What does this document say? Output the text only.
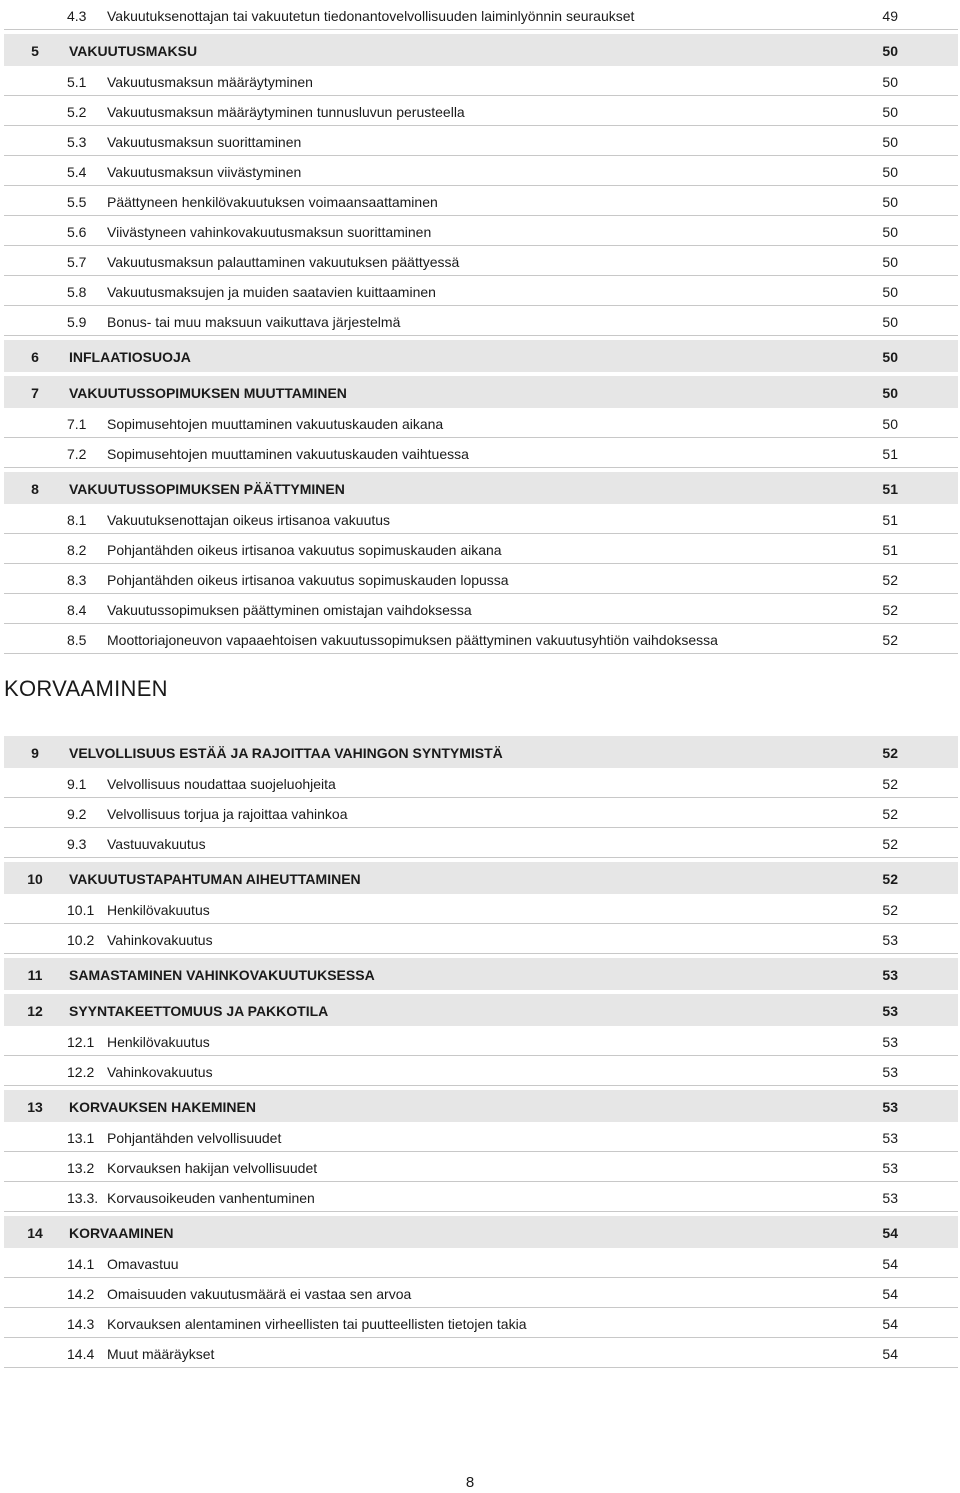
4.3 Vakuutuksenottajan tai vakuutetun tiedonantovelvollisuuden laiminlyönnin seuraukset	49
5	VAKUUTUSMAKSU	50
5.1 Vakuutusmaksun määräytyminen	50
5.2 Vakuutusmaksun määräytyminen tunnusluvun perusteella	50
5.3 Vakuutusmaksun suorittaminen	50
5.4 Vakuutusmaksun viivästyminen	50
5.5 Päättyneen henkilövakuutuksen voimaansaattaminen	50
5.6 Viivästyneen vahinkovakuutusmaksun suorittaminen	50
5.7 Vakuutusmaksun palauttaminen vakuutuksen päättyessä	50
5.8 Vakuutusmaksujen ja muiden saatavien kuittaaminen	50
5.9 Bonus- tai muu maksuun vaikuttava järjestelmä	50
6	INFLAATIOSUOJA	50
7	VAKUUTUSSOPIMUKSEN MUUTTAMINEN	50
7.1 Sopimusehtojen muuttaminen vakuutuskauden aikana	50
7.2 Sopimusehtojen muuttaminen vakuutuskauden vaihtuessa	51
8	VAKUUTUSSOPIMUKSEN PÄÄTTYMINEN	51
8.1 Vakuutuksenottajan oikeus irtisanoa vakuutus	51
8.2 Pohjantähden oikeus irtisanoa vakuutus sopimuskauden aikana	51
8.3 Pohjantähden oikeus irtisanoa vakuutus sopimuskauden lopussa	52
8.4 Vakuutussopimuksen päättyminen omistajan vaihdoksessa	52
8.5 Moottoriajoneuvon vapaaehtoisen vakuutussopimuksen päättyminen vakuutusyhtiön vaihdoksessa	52
KORVAAMINEN
9	VELVOLLISUUS ESTÄÄ JA RAJOITTAA VAHINGON SYNTYMISTÄ	52
9.1 Velvollisuus noudattaa suojeluohjeita	52
9.2 Velvollisuus torjua ja rajoittaa vahinkoa	52
9.3 Vastuuvakuutus	52
10	VAKUUTUSTAPAHTUMAN AIHEUTTAMINEN	52
10.1 Henkilövakuutus	52
10.2 Vahinkovakuutus	53
11	SAMASTAMINEN VAHINKOVAKUUTUKSESSA	53
12	SYYNTAKEETTOMUUS JA PAKKOTILA	53
12.1 Henkilövakuutus	53
12.2 Vahinkovakuutus	53
13	KORVAUKSEN HAKEMINEN	53
13.1 Pohjantähden velvollisuudet	53
13.2 Korvauksen hakijan velvollisuudet	53
13.3. Korvausoikeuden vanhentuminen	53
14	KORVAAMINEN	54
14.1 Omavastuu	54
14.2 Omaisuuden vakuutusmäärä ei vastaa sen arvoa	54
14.3 Korvauksen alentaminen virheellisten tai puutteellisten tietojen takia	54
14.4 Muut määräykset	54
8
